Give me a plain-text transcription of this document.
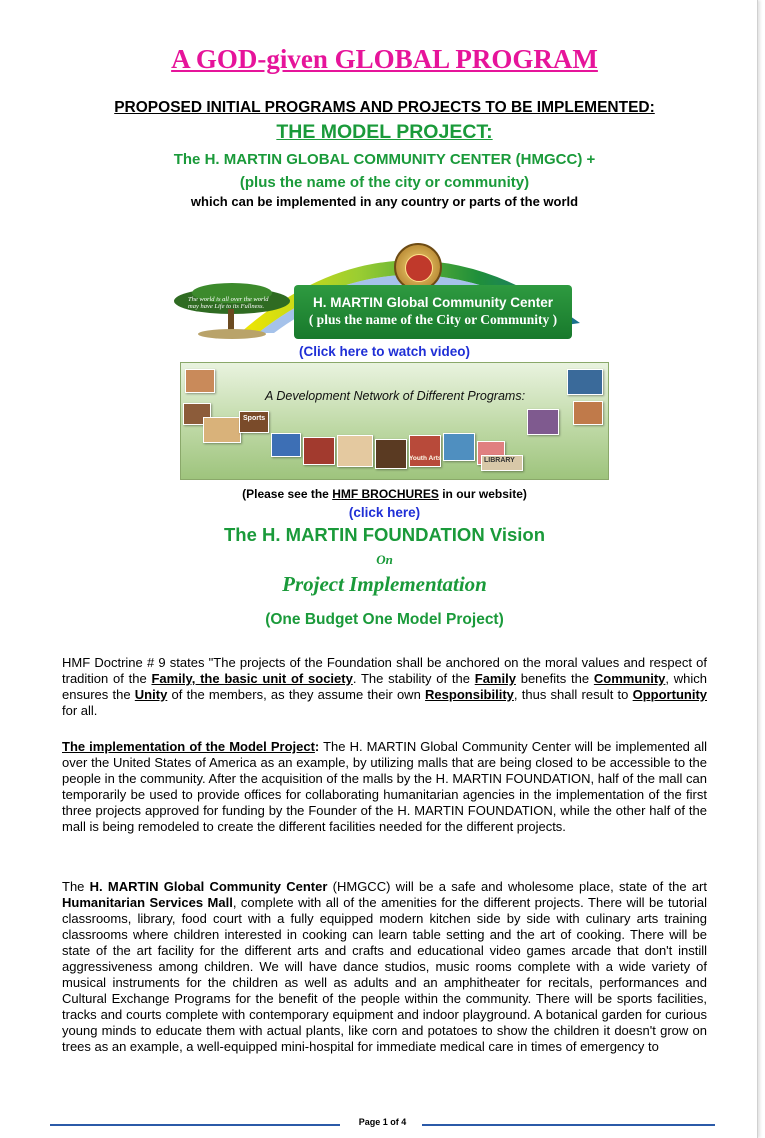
A GOD-given GLOBAL PROGRAM
PROPOSED INITIAL PROGRAMS AND PROJECTS TO BE IMPLEMENTED:
THE MODEL PROJECT:
The H. MARTIN GLOBAL COMMUNITY CENTER (HMGCC) +
(plus the name of the city or community)
which can be implemented in any country or parts of the world
The world is all over the world may have Life to its Fullness.	H. MARTIN Global Community Center
( plus the name of the City or Community )
(Click here to watch video)
Sports
Youth Arts	LIBRARY
A Development Network of Different Programs:
(Please see the HMF BROCHURES in our website)
(click here)
The H. MARTIN FOUNDATION Vision
On
Project Implementation
(One Budget One Model Project)
HMF Doctrine # 9 states "The projects of the Foundation shall be anchored on the moral values and respect of tradition of the Family, the basic unit of society. The stability of the Family benefits the Community, which ensures the Unity of the members, as they assume their own Responsibility, thus shall result to Opportunity for all.
The implementation of the Model Project: The H. MARTIN Global Community Center will be implemented all over the United States of America as an example, by utilizing malls that are being closed to be accessible to the people in the community. After the acquisition of the malls by the H. MARTIN FOUNDATION, half of the mall can temporarily be used to provide offices for collaborating humanitarian agencies in the implementation of the first three projects approved for funding by the Founder of the H. MARTIN FOUNDATION, while the other half of the mall is being remodeled to create the different facilities needed for the different projects.
The H. MARTIN Global Community Center (HMGCC) will be a safe and wholesome place, state of the art Humanitarian Services Mall, complete with all of the amenities for the different projects. There will be tutorial classrooms, library, food court with a fully equipped modern kitchen side by side with culinary arts training classrooms where children interested in cooking can learn table setting and the art of cooking. There will be state of the art facility for the different arts and crafts and educational video games arcade that don't instill aggressiveness among children. We will have dance studios, music rooms complete with a wide variety of musical instruments for the children as well as adults and an amphitheater for recitals, performances and Cultural Exchange Programs for the benefit of the people within the community. There will be sports facilities, tracks and courts complete with contemporary equipment and indoor playground. A botanical garden for curious young minds to educate them with actual plants, like corn and potatoes to show the children it doesn't grow on trees as an example, a well-equipped mini-hospital for immediate medical care in times of emergency to
Page 1 of 4
